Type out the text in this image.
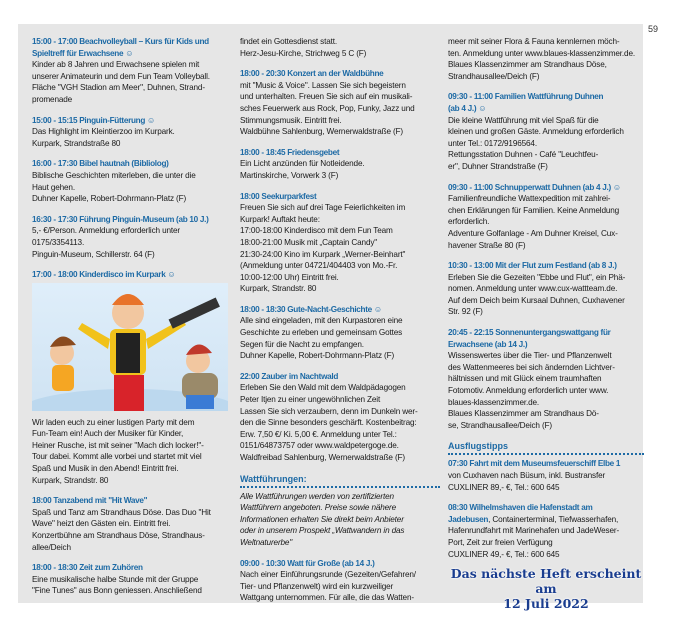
59
15:00 - 17:00 Beachvolleyball – Kurs für Kids und
Spieltreff für Erwachsene ☺
Kinder ab 8 Jahren und Erwachsene spielen mit
unserer Animateurin und dem Fun Team Volleyball.
Fläche "VGH Stadion am Meer", Duhnen, Strand-
promenade
15:00 - 15:15 Pinguin-Fütterung ☺
Das Highlight im Kleintierzoo im Kurpark.
Kurpark, Strandstraße 80
16:00 - 17:30 Bibel hautnah (Bibliolog)
Biblische Geschichten miterleben, die unter die
Haut gehen.
Duhner Kapelle, Robert-Dohrmann-Platz (F)
16:30 - 17:30 Führung Pinguin-Museum (ab 10 J.)
5,- €/Person. Anmeldung erforderlich unter
0175/3354113.
Pinguin-Museum, Schillerstr. 64 (F)
17:00 - 18:00 Kinderdisco im Kurpark ☺
Wir laden euch zu einer lustigen Party mit dem
Fun-Team ein! Auch der Musiker für Kinder,
Heiner Rusche, ist mit seiner "Mach dich locker!"-
Tour dabei. Kommt alle vorbei und startet mit viel
Spaß und Musik in den Abend! Eintritt frei.
Kurpark, Strandstr. 80
18:00 Tanzabend mit "Hit Wave"
Spaß und Tanz am Strandhaus Döse. Das Duo "Hit
Wave" heizt den Gästen ein. Eintritt frei.
Konzertbühne am Strandhaus Döse, Strandhaus-
allee/Deich
18:00 - 18:30 Zeit zum Zuhören
Eine musikalische halbe Stunde mit der Gruppe
"Fine Tunes" aus Bonn geniessen. Anschließend
findet ein Gottesdienst statt.
Herz-Jesu-Kirche, Strichweg 5 C (F)
18:00 - 20:30 Konzert an der Waldbühne
mit "Music & Voice". Lassen Sie sich begeistern
und unterhalten. Freuen Sie sich auf ein musikali-
sches Feuerwerk aus Rock, Pop, Funky, Jazz und
Stimmungsmusik. Eintritt frei.
Waldbühne Sahlenburg, Wernerwaldstraße (F)
18:00 - 18:45 Friedensgebet
Ein Licht anzünden für Notleidende.
Martinskirche, Vorwerk 3 (F)
18:00 Seekurparkfest
Freuen Sie sich auf drei Tage Feierlichkeiten im
Kurpark! Auftakt heute:
17:00-18:00 Kinderdisco mit dem Fun Team
18:00-21:00 Musik mit „Captain Candy"
21:30-24:00 Kino im Kurpark „Werner-Beinhart"
(Anmeldung unter 04721/404403 von Mo.-Fr.
10:00-12:00 Uhr) Eintritt frei.
Kurpark, Strandstr. 80
18:00 - 18:30 Gute-Nacht-Geschichte ☺
Alle sind eingeladen, mit den Kurpastoren eine
Geschichte zu erleben und gemeinsam Gottes
Segen für die Nacht zu empfangen.
Duhner Kapelle, Robert-Dohrmann-Platz (F)
22:00 Zauber im Nachtwald
Erleben Sie den Wald mit dem Waldpädagogen
Peter Itjen zu einer ungewöhnlichen Zeit
Lassen Sie sich verzaubern, denn im Dunkeln wer-
den die Sinne besonders geschärft. Kostenbeitrag:
Erw. 7,50 €/ Ki. 5,00 €. Anmeldung unter Tel.:
0151/64873757 oder www.waldpetergoge.de.
Waldfreibad Sahlenburg, Wernerwaldstraße (F)
Wattführungen:
Alle Wattführungen werden von zertifizierten
Wattführern angeboten. Preise sowie nähere
Informationen erhalten Sie direkt beim Anbieter
oder in unserem Prospekt „Wattwandern in das
Weltnaturerbe"
09:00 - 10:30 Watt für Große (ab 14 J.)
Nach einer Einführungsrunde (Gezeiten/Gefahren/
Tier- und Pflanzenwelt) wird ein kurzweiliger
Wattgang unternommen. Für alle, die das Watten-
meer mit seiner Flora & Fauna kennlernen möch-
ten. Anmeldung unter www.blaues-klassenzimmer.de.
Blaues Klassenzimmer am Strandhaus Döse,
Strandhausallee/Deich (F)
09:30 - 11:00 Familien Wattführung Duhnen
(ab 4 J.) ☺
Die kleine Wattführung mit viel Spaß für die
kleinen und großen Gäste. Anmeldung erforderlich
unter Tel.: 0172/9196564.
Rettungsstation Duhnen - Café "Leuchtfeu-
er", Duhner Strandstraße (F)
09:30 - 11:00 Schnupperwatt Duhnen (ab 4 J.) ☺
Familienfreundliche Wattexpedition mit zahlrei-
chen Erklärungen für Familien. Keine Anmeldung
erforderlich.
Adventure Golfanlage - Am Duhner Kreisel, Cux-
havener Straße 80 (F)
10:30 - 13:00 Mit der Flut zum Festland (ab 8 J.)
Erleben Sie die Gezeiten "Ebbe und Flut", ein Phä-
nomen. Anmeldung unter www.cux-wattteam.de.
Auf dem Deich beim Kursaal Duhnen, Cuxhavener
Str. 92 (F)
20:45 - 22:15 Sonnenuntergangswattgang für
Erwachsene (ab 14 J.)
Wissenswertes über die Tier- und Pflanzenwelt
des Wattenmeeres bei sich ändernden Lichtver-
hältnissen und mit Glück einem traumhaften
Fotomotiv. Anmeldung erforderlich unter www.
blaues-klassenzimmer.de.
Blaues Klassenzimmer am Strandhaus Dö-
se, Strandhausallee/Deich (F)
Ausflugstipps
07:30 Fahrt mit dem Museumsfeuerschiff Elbe 1
von Cuxhaven nach Büsum, inkl. Bustransfer
CUXLINER 89,- €, Tel.: 600 645
08:30 Wilhelmshaven die Hafenstadt am
Jadebusen, Containerterminal, Tiefwasserhafen,
Hafenrundfahrt mit Marinehafen und JadeWeser-
Port, Zeit zur freien Verfügung
CUXLINER 49,- €, Tel.: 600 645
Das nächste Heft erscheint am
12 Juli 2022
